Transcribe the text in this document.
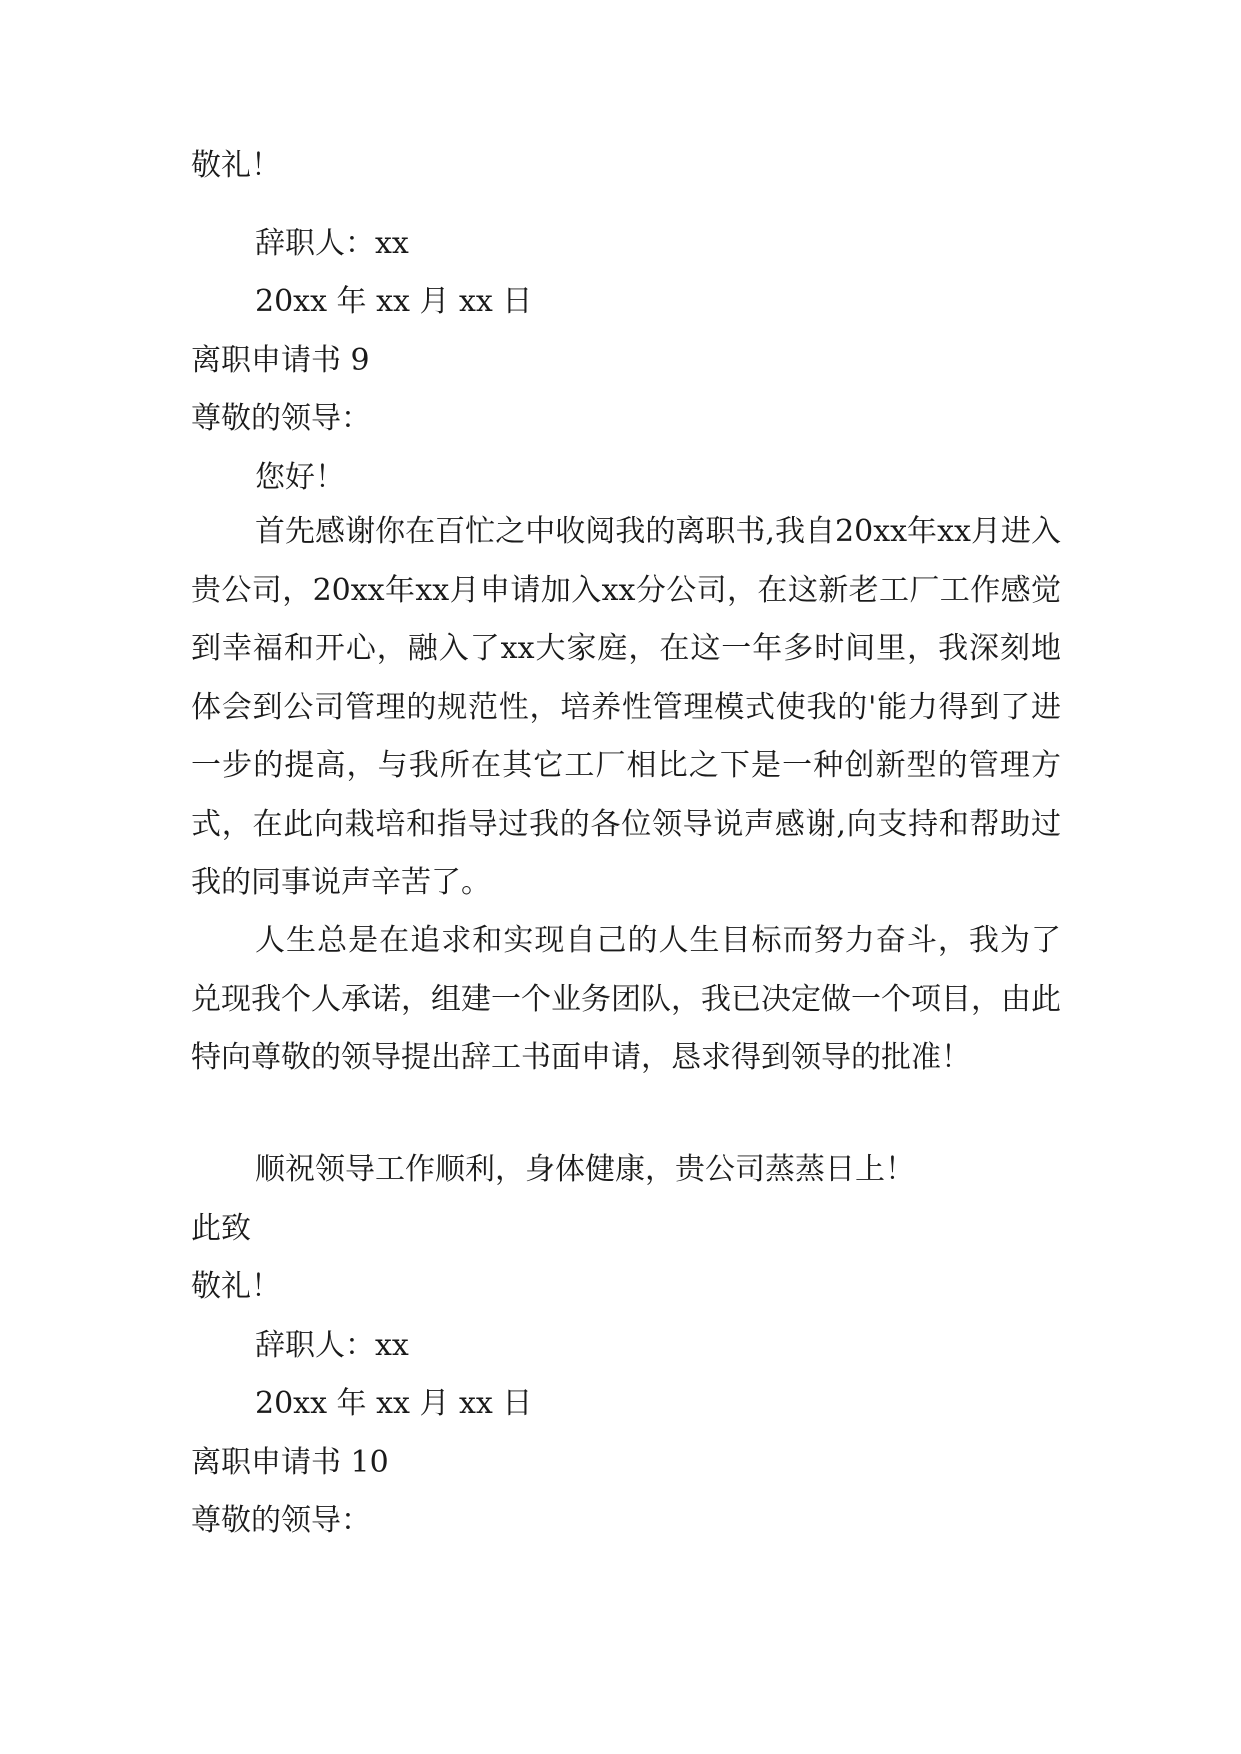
敬礼！
辞职人：xx
20xx 年 xx 月 xx 日
离职申请书 9
尊敬的领导：
您好！
首先感谢你在百忙之中收阅我的离职书,我自20xx年xx月进入贵公司，20xx年xx月申请加入xx分公司，在这新老工厂工作感觉到幸福和开心，融入了xx大家庭，在这一年多时间里，我深刻地体会到公司管理的规范性，培养性管理模式使我的'能力得到了进一步的提高，与我所在其它工厂相比之下是一种创新型的管理方式，在此向栽培和指导过我的各位领导说声感谢,向支持和帮助过我的同事说声辛苦了。
人生总是在追求和实现自己的人生目标而努力奋斗，我为了兑现我个人承诺，组建一个业务团队，我已决定做一个项目，由此特向尊敬的领导提出辞工书面申请，恳求得到领导的批准！
顺祝领导工作顺利，身体健康，贵公司蒸蒸日上！
此致
敬礼！
辞职人：xx
20xx 年 xx 月 xx 日
离职申请书 10
尊敬的领导：
